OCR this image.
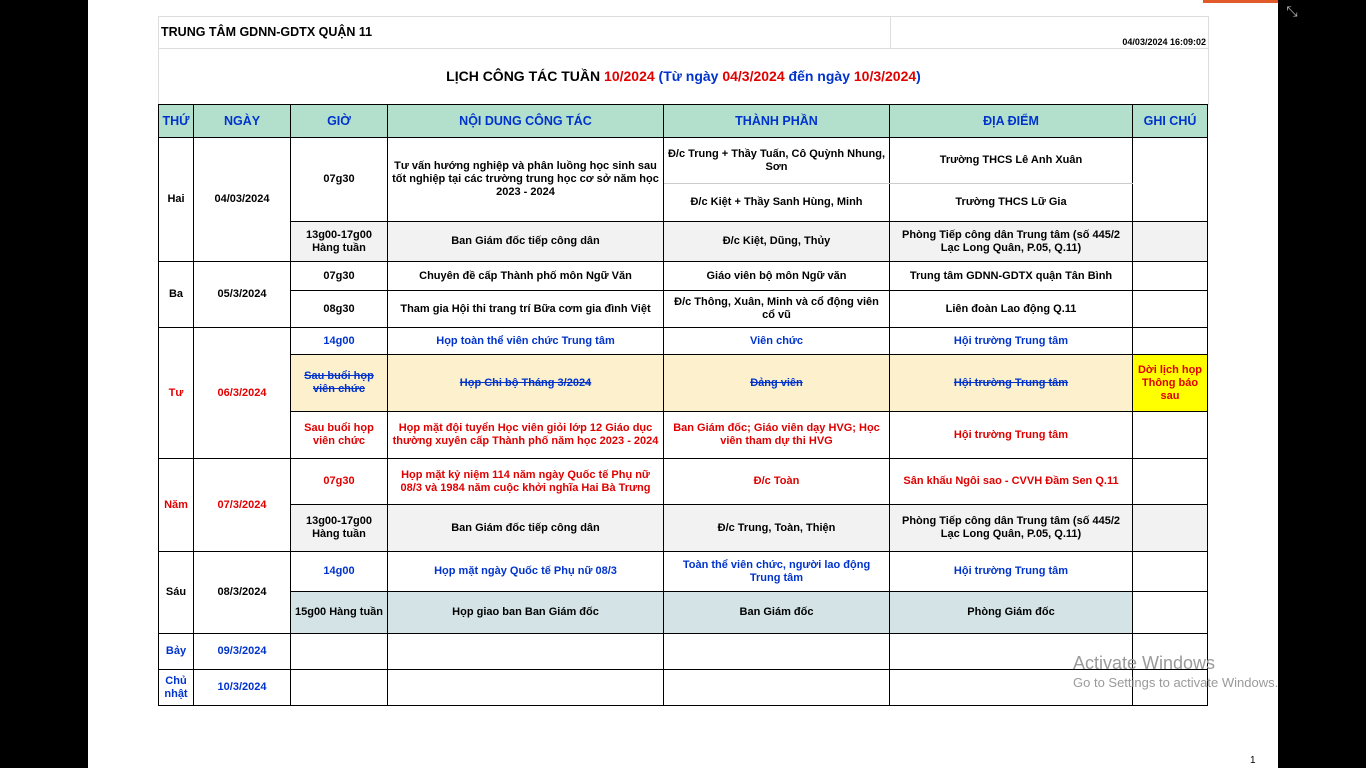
⤡
TRUNG TÂM GDNN-GDTX QUẬN 11
04/03/2024 16:09:02
LỊCH CÔNG TÁC TUẦN 10/2024 (Từ ngày 04/3/2024 đến ngày 10/3/2024)
THỨ	NGÀY	GIỜ	NỘI DUNG CÔNG TÁC	THÀNH PHẦN	ĐỊA ĐIỂM	GHI CHÚ
Hai	04/03/2024	07g30	Tư vấn hướng nghiệp và phân luồng học sinh sau tốt nghiệp tại các trường trung học cơ sở năm học 2023 - 2024	Đ/c Trung + Thầy Tuấn, Cô Quỳnh Nhung, Sơn	Trường THCS Lê Anh Xuân	
				Đ/c Kiệt + Thầy Sanh Hùng, Minh	Trường THCS Lữ Gia	
		13g00-17g00 Hàng tuần	Ban Giám đốc tiếp công dân	Đ/c Kiệt, Dũng, Thủy	Phòng Tiếp công dân Trung tâm (số 445/2 Lạc Long Quân, P.05, Q.11)	
Ba	05/3/2024	07g30	Chuyên đề cấp Thành phố môn Ngữ Văn	Giáo viên bộ môn Ngữ văn	Trung tâm GDNN-GDTX quận Tân Bình	
		08g30	Tham gia Hội thi trang trí Bữa cơm gia đình Việt	Đ/c Thông, Xuân, Minh và cổ động viên cổ vũ	Liên đoàn Lao động Q.11	
Tư	06/3/2024	14g00	Họp toàn thể viên chức Trung tâm	Viên chức	Hội trường Trung tâm	
		Sau buổi họp viên chức	Họp Chi bộ Tháng 3/2024	Đảng viên	Hội trường Trung tâm	Dời lịch họp Thông báo sau
		Sau buổi họp viên chức	Họp mặt đội tuyển Học viên giỏi lớp 12 Giáo dục thường xuyên cấp Thành phố năm học 2023 - 2024	Ban Giám đốc; Giáo viên dạy HVG; Học viên tham dự thi HVG	Hội trường Trung tâm	
Năm	07/3/2024	07g30	Họp mặt kỷ niệm 114 năm ngày Quốc tế Phụ nữ 08/3 và 1984 năm cuộc khởi nghĩa Hai Bà Trưng	Đ/c Toàn	Sân khấu Ngôi sao - CVVH Đầm Sen Q.11	
		13g00-17g00 Hàng tuần	Ban Giám đốc tiếp công dân	Đ/c Trung, Toàn, Thiện	Phòng Tiếp công dân Trung tâm (số 445/2 Lạc Long Quân, P.05, Q.11)	
Sáu	08/3/2024	14g00	Họp mặt ngày Quốc tế Phụ nữ 08/3	Toàn thể viên chức, người lao động Trung tâm	Hội trường Trung tâm	
		15g00 Hàng tuần	Họp giao ban Ban Giám đốc	Ban Giám đốc	Phòng Giám đốc	
Bảy	09/3/2024					
Chủ nhật	10/3/2024					
Activate Windows
Go to Settings to activate Windows.
1
